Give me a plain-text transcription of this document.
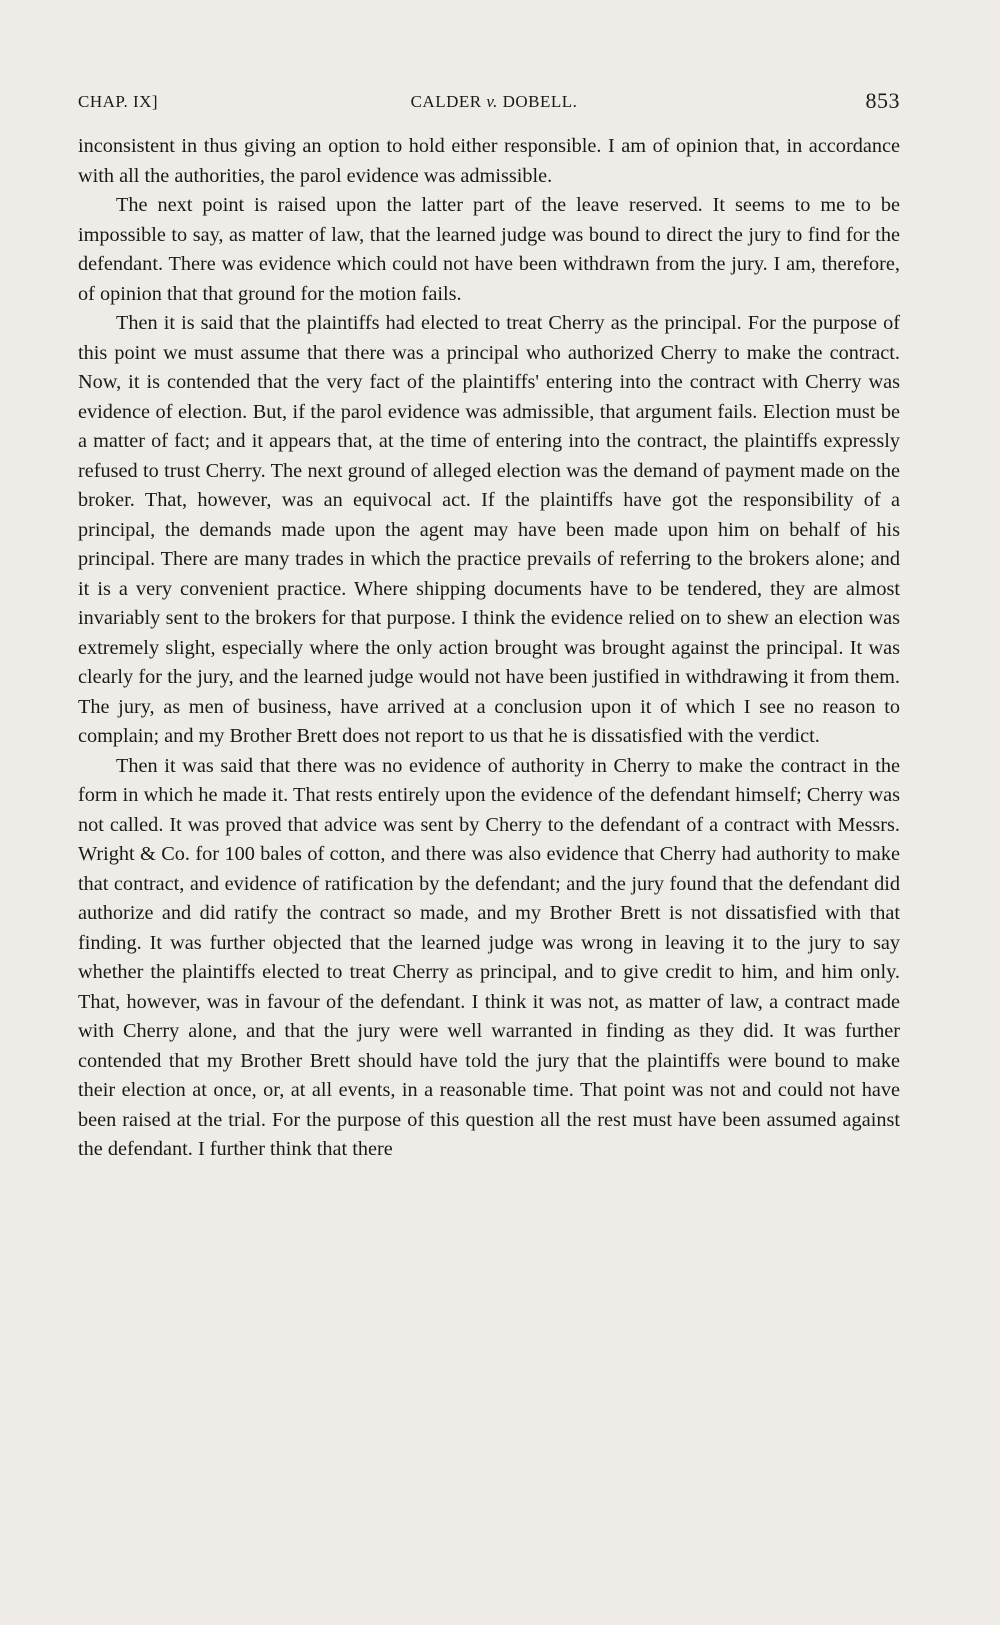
CHAP. IX]	CALDER v. DOBELL.	853

inconsistent in thus giving an option to hold either responsible. I am of opinion that, in accordance with all the authorities, the parol evidence was admissible.

The next point is raised upon the latter part of the leave reserved. It seems to me to be impossible to say, as matter of law, that the learned judge was bound to direct the jury to find for the defendant. There was evidence which could not have been withdrawn from the jury. I am, therefore, of opinion that that ground for the motion fails.

Then it is said that the plaintiffs had elected to treat Cherry as the principal. For the purpose of this point we must assume that there was a principal who authorized Cherry to make the contract. Now, it is contended that the very fact of the plaintiffs' entering into the contract with Cherry was evidence of election. But, if the parol evidence was admissible, that argument fails. Election must be a matter of fact; and it appears that, at the time of entering into the contract, the plaintiffs expressly refused to trust Cherry. The next ground of alleged election was the demand of payment made on the broker. That, however, was an equivocal act. If the plaintiffs have got the responsibility of a principal, the demands made upon the agent may have been made upon him on behalf of his principal. There are many trades in which the practice prevails of referring to the brokers alone; and it is a very convenient practice. Where shipping documents have to be tendered, they are almost invariably sent to the brokers for that purpose. I think the evidence relied on to shew an election was extremely slight, especially where the only action brought was brought against the principal. It was clearly for the jury, and the learned judge would not have been justified in withdrawing it from them. The jury, as men of business, have arrived at a conclusion upon it of which I see no reason to complain; and my Brother Brett does not report to us that he is dissatisfied with the verdict.

Then it was said that there was no evidence of authority in Cherry to make the contract in the form in which he made it. That rests entirely upon the evidence of the defendant himself; Cherry was not called. It was proved that advice was sent by Cherry to the defendant of a contract with Messrs. Wright & Co. for 100 bales of cotton, and there was also evidence that Cherry had authority to make that contract, and evidence of ratification by the defendant; and the jury found that the defendant did authorize and did ratify the contract so made, and my Brother Brett is not dissatisfied with that finding. It was further objected that the learned judge was wrong in leaving it to the jury to say whether the plaintiffs elected to treat Cherry as principal, and to give credit to him, and him only. That, however, was in favour of the defendant. I think it was not, as matter of law, a contract made with Cherry alone, and that the jury were well warranted in finding as they did. It was further contended that my Brother Brett should have told the jury that the plaintiffs were bound to make their election at once, or, at all events, in a reasonable time. That point was not and could not have been raised at the trial. For the purpose of this question all the rest must have been assumed against the defendant. I further think that there
